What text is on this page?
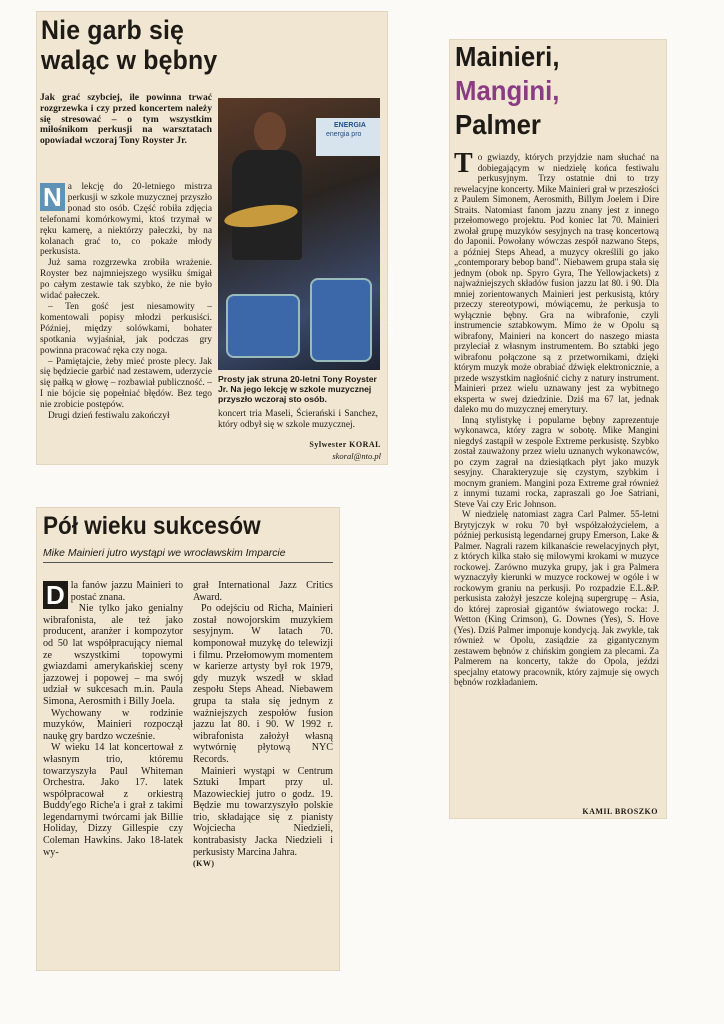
Nie garb się waląc w bębny
Jak grać szybciej, ile powinna trwać rozgrzewka i czy przed koncertem należy się stresować – o tym wszystkim miłośnikom perkusji na warsztatach opowiadał wczoraj Tony Royster Jr.
N a lekcję do 20-letniego mistrza perkusji w szkole muzycznej przyszło ponad sto osób. Część robiła zdjęcia telefonami komórkowymi, ktoś trzymał w ręku kamerę, a niektórzy pałeczki, by na kolanach grać to, co pokaże młody perkusista.

Już sama rozgrzewka zrobiła wrażenie. Royster bez najmniejszego wysiłku śmigał po całym zestawie tak szybko, że nie było widać pałeczek.

– Ten gość jest niesamowity – komentowali popisy młodzi perkusiści. Później, między solówkami, bohater spotkania wyjaśniał, jak podczas gry powinna pracować ręka czy noga.

– Pamiętajcie, żeby mieć proste plecy. Jak się będziecie garbić nad zestawem, uderzycie się pałką w głowę – rozbawiał publiczność. – I nie bójcie się popełniać błędów. Bez tego nie zrobicie postępów.

Drugi dzień festiwalu zakończył

ENERGIA
energia pro
FOT. ANDRZEJ JAGIEŁŁA
Prosty jak struna 20-letni Tony Royster Jr. Na jego lekcję w szkole muzycznej przyszło wczoraj sto osób.
koncert tria Maseli, Ścierański i Sanchez, który odbył się w szkole muzycznej.
Sylwester KORAL
skoral@nto.pl
Mainieri,
Mangini,
Palmer
T o gwiazdy, których przyjdzie nam słuchać na dobiegającym w niedzielę końca festiwalu perkusyjnym. Trzy ostatnie dni to trzy rewelacyjne koncerty. Mike Mainieri grał w przeszłości z Paulem Simonem, Aerosmith, Billym Joelem i Dire Straits. Natomiast fanom jazzu znany jest z innego przełomowego projektu. Pod koniec lat 70. Mainieri zwołał grupę muzyków sesyjnych na trasę koncertową do Japonii. Powołany wówczas zespół nazwano Steps, a później Steps Ahead, a muzycy określili go jako „contemporary bebop band". Niebawem grupa stała się jednym (obok np. Spyro Gyra, The Yellowjackets) z najważniejszych składów fusion jazzu lat 80. i 90. Dla mniej zorientowanych Mainieri jest perkusistą, który przeczy stereotypowi, mówiącemu, że perkusja to wyłącznie bębny. Gra na wibrafonie, czyli instrumencie sztabkowym. Mimo że w Opolu są wibrafony, Mainieri na koncert do naszego miasta przyleciał z własnym instrumentem. Bo sztabki jego wibrafonu połączone są z przetwornikami, dzięki którym muzyk może obrabiać dźwięk elektronicznie, a przede wszystkim nagłośnić cichy z natury instrument. Mainieri przez wielu uznawany jest za wybitnego eksperta w swej dziedzinie. Dziś ma 67 lat, jednak daleko mu do muzycznej emerytury.

Inną stylistykę i popularne bębny zaprezentuje wykonawca, który zagra w sobotę. Mike Mangini niegdyś zastąpił w zespole Extreme perkusistę. Szybko został zauważony przez wielu uznanych wykonawców, po czym zagrał na dziesiątkach płyt jako muzyk sesyjny. Charakteryzuje się czystym, szybkim i mocnym graniem. Mangini poza Extreme grał również z innymi tuzami rocka, zapraszali go Joe Satriani, Steve Vai czy Eric Johnson.

W niedzielę natomiast zagra Carl Palmer. 55-letni Brytyjczyk w roku 70 był współzałożycielem, a później perkusistą legendarnej grupy Emerson, Lake & Palmer. Nagrali razem kilkanaście rewelacyjnych płyt, z których kilka stało się milowymi krokami w muzyce rockowej. Zarówno muzyka grupy, jak i gra Palmera wyznaczyły kierunki w muzyce rockowej w ogóle i w rockowym graniu na perkusji. Po rozpadzie E.L.&P. perkusista założył jeszcze kolejną supergrupę – Asia, do której zaprosiał gigantów światowego rocka: J. Wetton (King Crimson), G. Downes (Yes), S. Hove (Yes). Dziś Palmer imponuje kondycją. Jak zwykle, tak również w Opolu, zasiądzie za gigantycznym zestawem bębnów z chińskim gongiem za plecami. Za Palmerem na koncerty, także do Opola, jeździ specjalny etatowy pracownik, który zajmuje się owych bębnów rozkładaniem.

KAMIL BROSZKO
Pół wieku sukcesów
Mike Mainieri jutro wystąpi we wrocławskim Imparcie
D la fanów jazzu Mainieri to postać znana.

Nie tylko jako genialny wibrafonista, ale też jako producent, aranżer i kompozytor od 50 lat współpracujący niemal ze wszystkimi topowymi gwiazdami amerykańskiej sceny jazzowej i popowej – ma swój udział w sukcesach m.in. Paula Simona, Aerosmith i Billy Joela.

Wychowany w rodzinie muzyków, Mainieri rozpoczął naukę gry bardzo wcześnie.

W wieku 14 lat koncertował z własnym trio, któremu towarzyszyła Paul Whiteman Orchestra. Jako 17. latek współpracował z orkiestrą Buddy'ego Riche'a i grał z takimi legendarnymi twórcami jak Billie Holiday, Dizzy Gillespie czy Coleman Hawkins. Jako 18-latek wy-

grał International Jazz Critics Award.

Po odejściu od Richa, Mainieri został nowojorskim muzykiem sesyjnym. W latach 70. komponował muzykę do telewizji i filmu. Przełomowym momentem w karierze artysty był rok 1979, gdy muzyk wszedł w skład zespołu Steps Ahead. Niebawem grupa ta stała się jednym z ważniejszych zespołów fusion jazzu lat 80. i 90. W 1992 r. wibrafonista założył własną wytwórnię płytową NYC Records.

Mainieri wystąpi w Centrum Sztuki Impart przy ul. Mazowieckiej jutro o godz. 19. Będzie mu towarzyszyło polskie trio, składające się z pianisty Wojciecha Niedzieli, kontrabasisty Jacka Niedzieli i perkusisty Marcina Jahra.

(KW)
